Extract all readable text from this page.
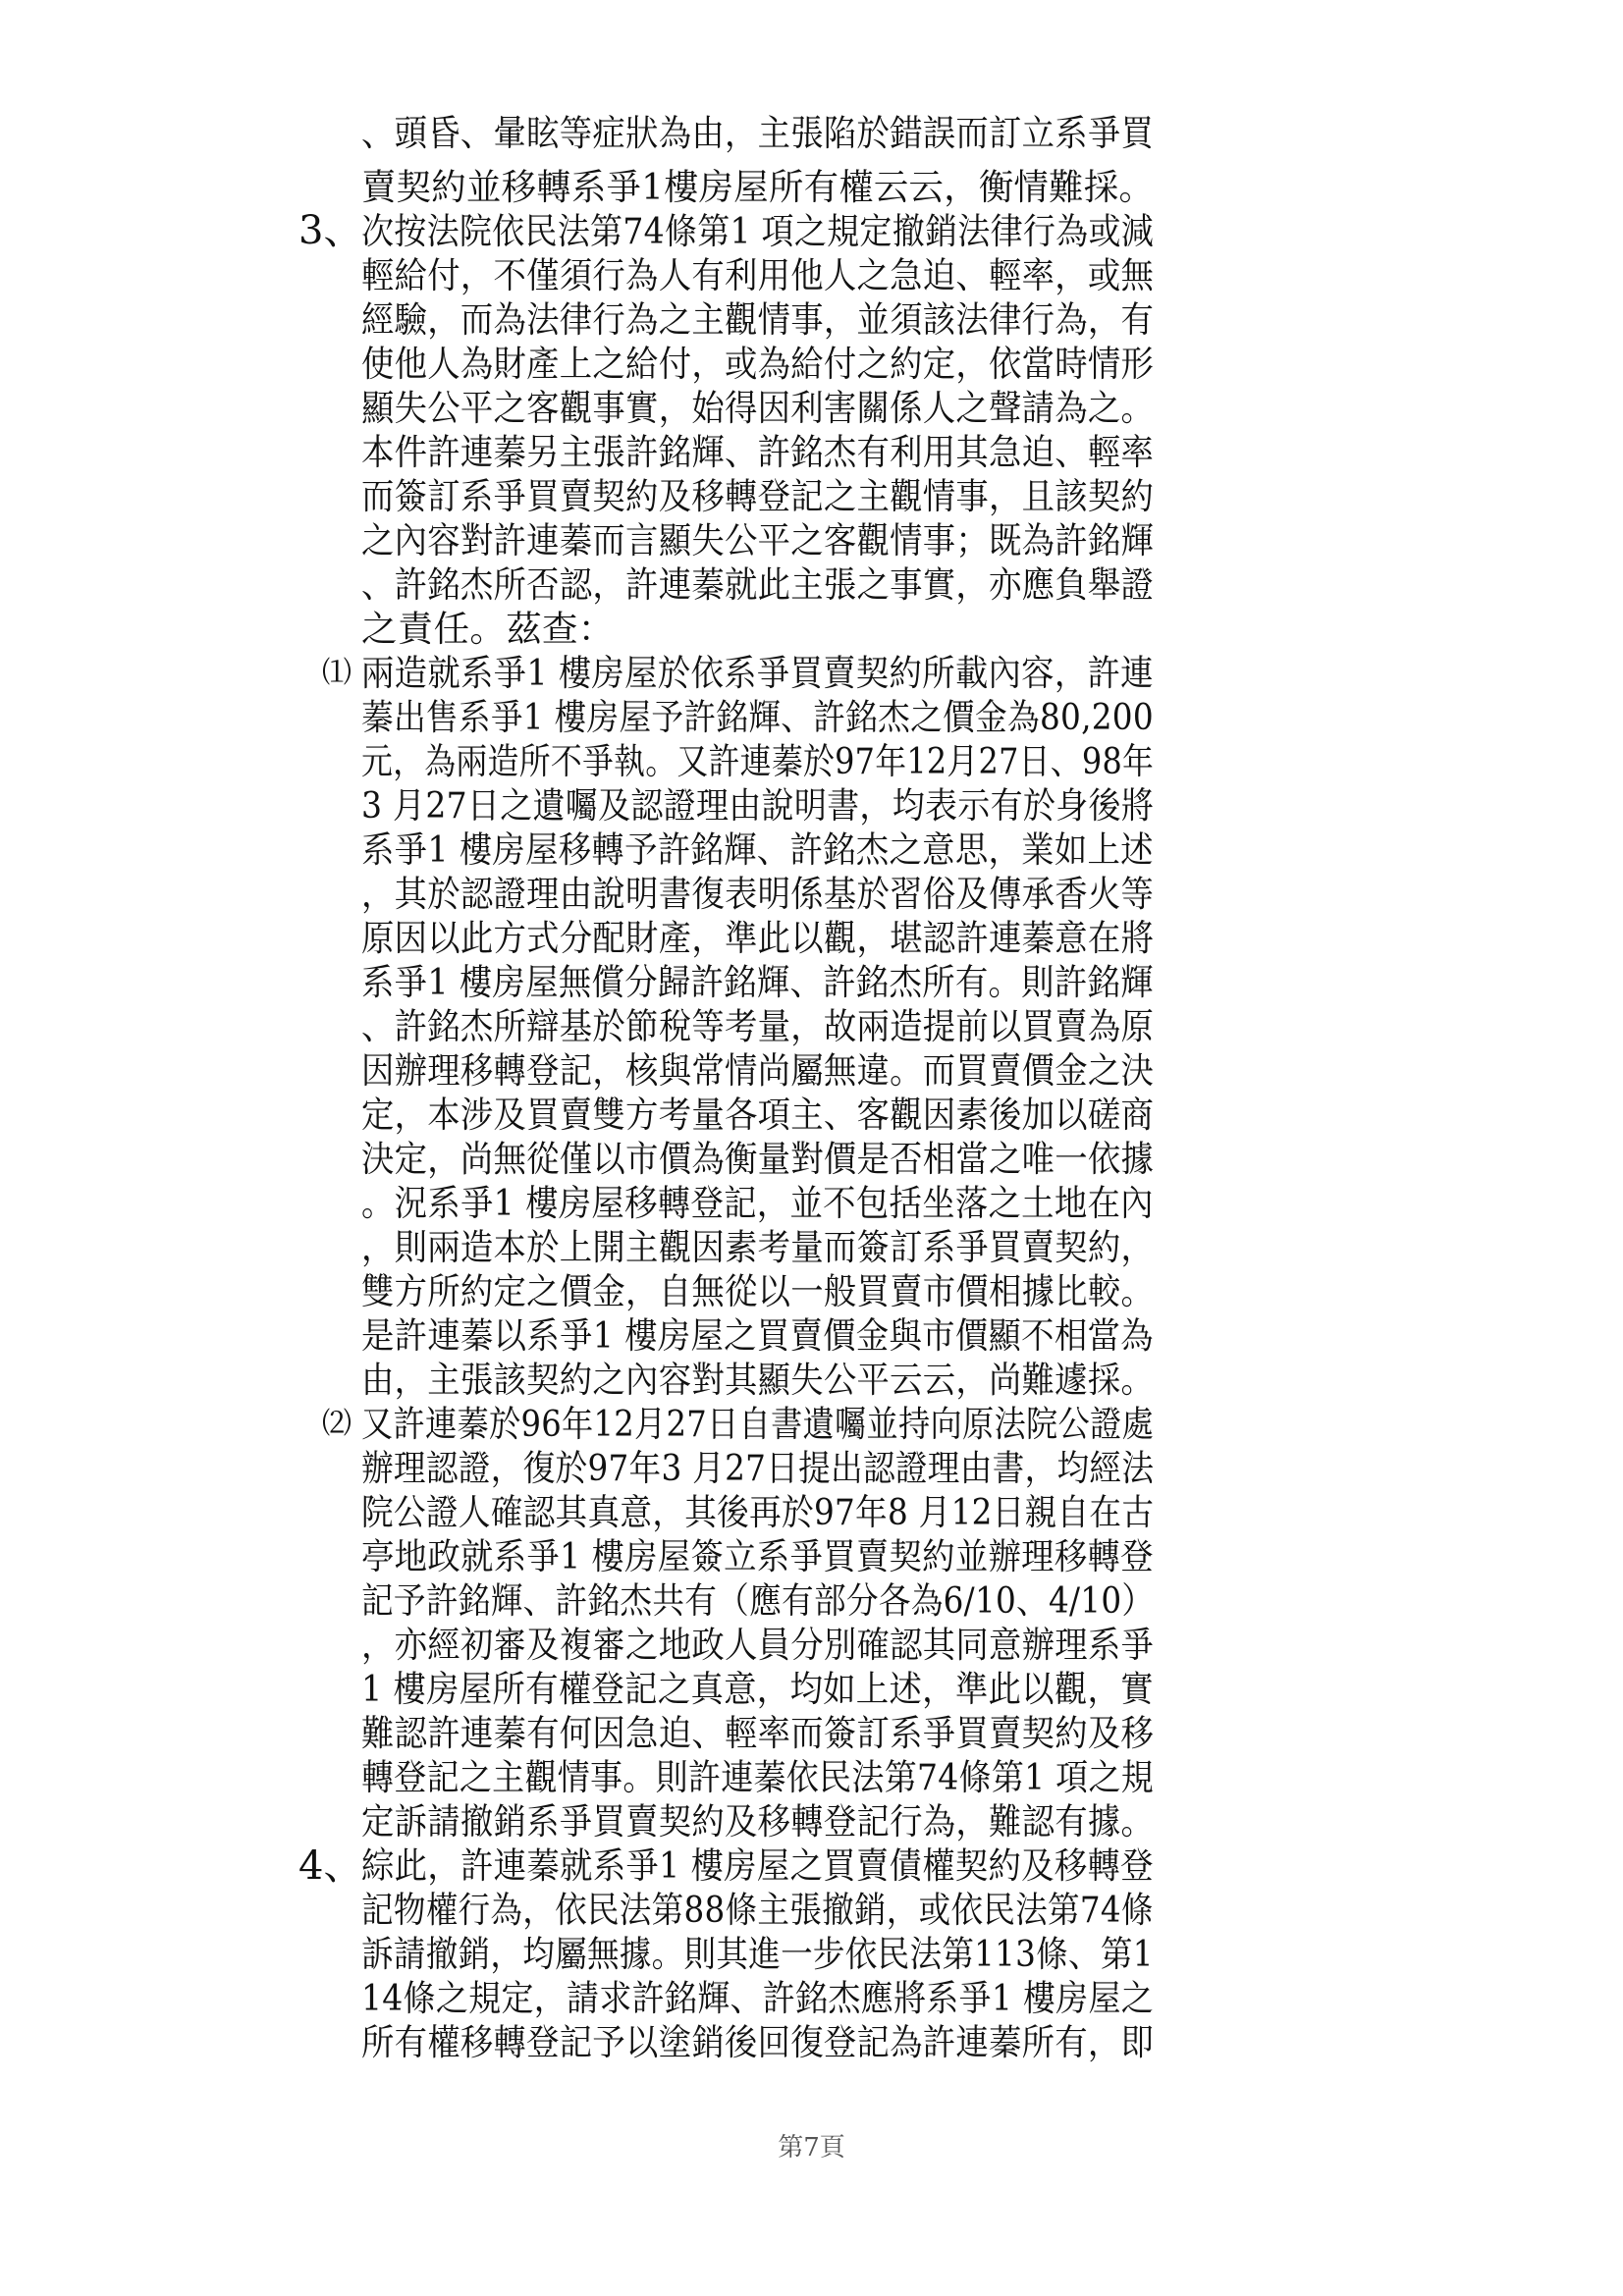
、頭昏、暈眩等症狀為由，主張陷於錯誤而訂立系爭買
賣契約並移轉系爭1樓房屋所有權云云，衡情難採。
3、
次按法院依民法第74條第1 項之規定撤銷法律行為或減
輕給付，不僅須行為人有利用他人之急迫、輕率，或無
經驗，而為法律行為之主觀情事，並須該法律行為，有
使他人為財產上之給付，或為給付之約定，依當時情形
顯失公平之客觀事實，始得因利害關係人之聲請為之。
本件許連蓁另主張許銘輝、許銘杰有利用其急迫、輕率
而簽訂系爭買賣契約及移轉登記之主觀情事，且該契約
之內容對許連蓁而言顯失公平之客觀情事；既為許銘輝
、許銘杰所否認，許連蓁就此主張之事實，亦應負舉證
之責任。茲查：
⑴ 兩造就系爭1 樓房屋於依系爭買賣契約所載內容，許連
蓁出售系爭1 樓房屋予許銘輝、許銘杰之價金為80,200
元，為兩造所不爭執。又許連蓁於97年12月27日、98年
3 月27日之遺囑及認證理由說明書，均表示有於身後將
系爭1 樓房屋移轉予許銘輝、許銘杰之意思，業如上述
，其於認證理由說明書復表明係基於習俗及傳承香火等
原因以此方式分配財產，準此以觀，堪認許連蓁意在將
系爭1 樓房屋無償分歸許銘輝、許銘杰所有。則許銘輝
、許銘杰所辯基於節稅等考量，故兩造提前以買賣為原
因辦理移轉登記，核與常情尚屬無違。而買賣價金之決
定，本涉及買賣雙方考量各項主、客觀因素後加以磋商
決定，尚無從僅以市價為衡量對價是否相當之唯一依據
。況系爭1 樓房屋移轉登記，並不包括坐落之土地在內
，則兩造本於上開主觀因素考量而簽訂系爭買賣契約，
雙方所約定之價金，自無從以一般買賣市價相據比較。
是許連蓁以系爭1 樓房屋之買賣價金與市價顯不相當為
由，主張該契約之內容對其顯失公平云云，尚難遽採。
⑵ 又許連蓁於96年12月27日自書遺囑並持向原法院公證處
辦理認證，復於97年3 月27日提出認證理由書，均經法
院公證人確認其真意，其後再於97年8 月12日親自在古
亭地政就系爭1 樓房屋簽立系爭買賣契約並辦理移轉登
記予許銘輝、許銘杰共有（應有部分各為6/10、4/10）
，亦經初審及複審之地政人員分別確認其同意辦理系爭
1 樓房屋所有權登記之真意，均如上述，準此以觀，實
難認許連蓁有何因急迫、輕率而簽訂系爭買賣契約及移
轉登記之主觀情事。則許連蓁依民法第74條第1 項之規
定訴請撤銷系爭買賣契約及移轉登記行為，難認有據。
4、
綜此，許連蓁就系爭1 樓房屋之買賣債權契約及移轉登
記物權行為，依民法第88條主張撤銷，或依民法第74條
訴請撤銷，均屬無據。則其進一步依民法第113條、第1
14條之規定，請求許銘輝、許銘杰應將系爭1 樓房屋之
所有權移轉登記予以塗銷後回復登記為許連蓁所有，即
第7頁
